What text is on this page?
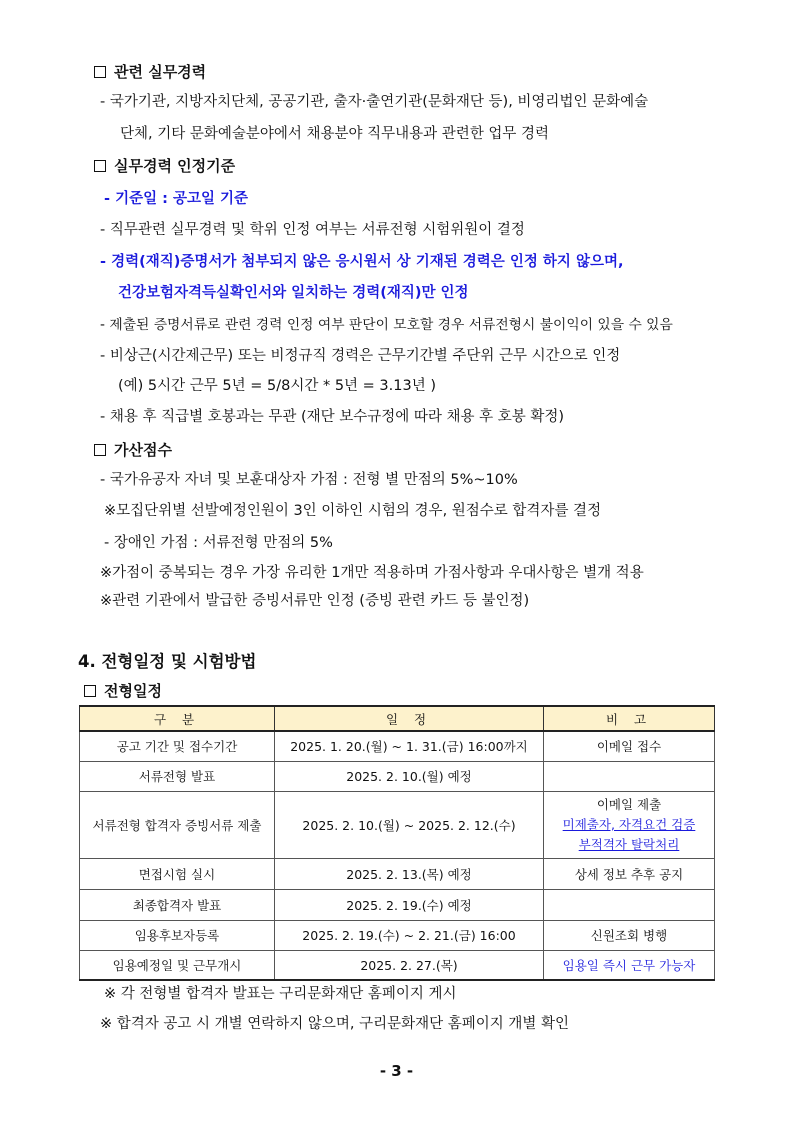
관련 실무경력
- 국가기관, 지방자치단체, 공공기관, 출자·출연기관(문화재단 등), 비영리법인 문화예술
단체, 기타 문화예술분야에서 채용분야 직무내용과 관련한 업무 경력
실무경력 인정기준
- 기준일 : 공고일 기준
- 직무관련 실무경력 및 학위 인정 여부는 서류전형 시험위원이 결정
- 경력(재직)증명서가 첨부되지 않은 응시원서 상 기재된 경력은 인정 하지 않으며,
건강보험자격득실확인서와 일치하는 경력(재직)만 인정
- 제출된 증명서류로 관련 경력 인정 여부 판단이 모호할 경우 서류전형시 불이익이 있을 수 있음
- 비상근(시간제근무) 또는 비정규직 경력은 근무기간별 주단위 근무 시간으로 인정
(예) 5시간 근무 5년 = 5/8시간 * 5년 = 3.13년 )
- 채용 후 직급별 호봉과는 무관 (재단 보수규정에 따라 채용 후 호봉 확정)
가산점수
- 국가유공자 자녀 및 보훈대상자 가점 : 전형 별 만점의 5%~10%
※모집단위별 선발예정인원이 3인 이하인 시험의 경우, 원점수로 합격자를 결정
- 장애인 가점 : 서류전형 만점의 5%
※가점이 중복되는 경우 가장 유리한 1개만 적용하며 가점사항과 우대사항은 별개 적용
※관련 기관에서 발급한 증빙서류만 인정 (증빙 관련 카드 등 불인정)
4. 전형일정 및 시험방법
전형일정
구 분	일 정	비 고
공고 기간 및 접수기간	2025. 1. 20.(월) ~ 1. 31.(금) 16:00까지	이메일 접수
서류전형 발표	2025. 2. 10.(월) 예정	
서류전형 합격자 증빙서류 제출	2025. 2. 10.(월) ~ 2025. 2. 12.(수)	이메일 제출
미제출자, 자격요건 검증
부적격자 탈락처리

면접시험 실시	2025. 2. 13.(목) 예정	상세 정보 추후 공지
최종합격자 발표	2025. 2. 19.(수) 예정	
임용후보자등록	2025. 2. 19.(수) ~ 2. 21.(금) 16:00	신원조회 병행
임용예정일 및 근무개시	2025. 2. 27.(목)	임용일 즉시 근무 가능자
※ 각 전형별 합격자 발표는 구리문화재단 홈페이지 게시
※ 합격자 공고 시 개별 연락하지 않으며, 구리문화재단 홈페이지 개별 확인
- 3 -
